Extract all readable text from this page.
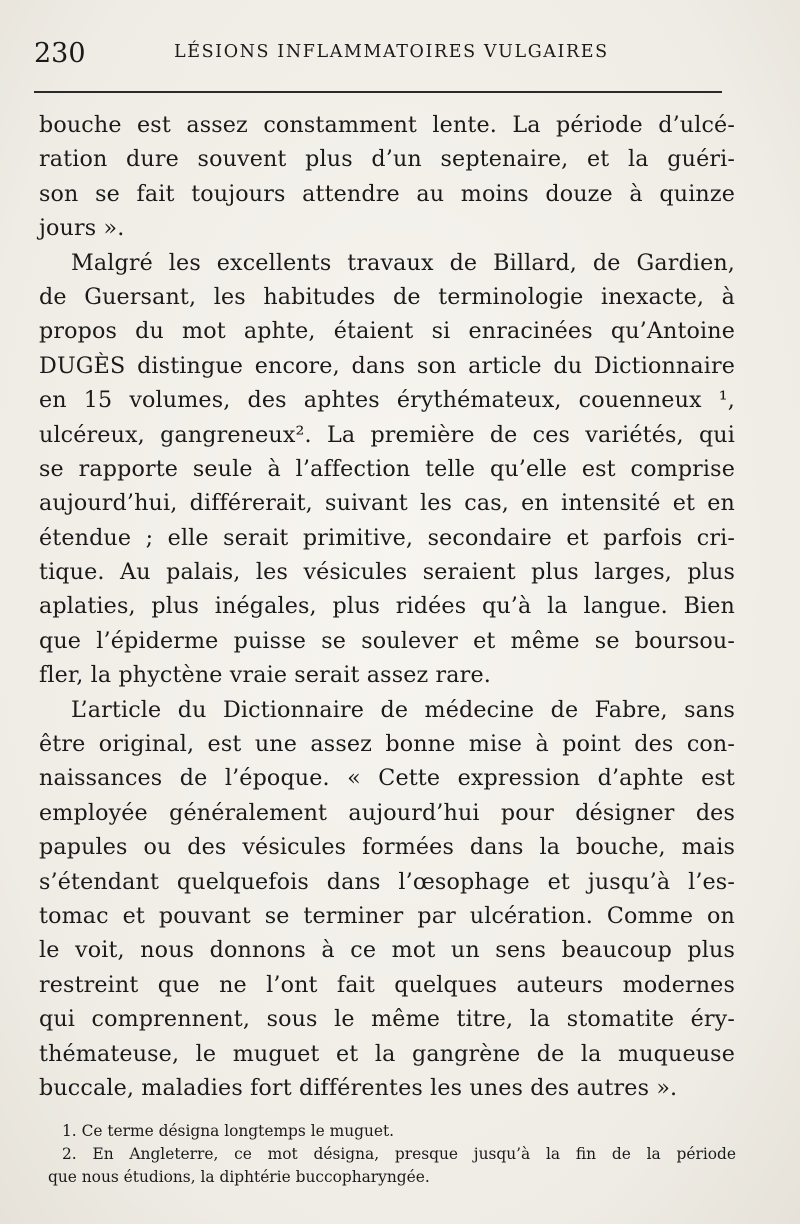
230	LÉSIONS INFLAMMATOIRES VULGAIRES
bouche est assez constamment lente. La période d’ulcé-
ration dure souvent plus d’un septenaire, et la guéri-
son se fait toujours attendre au moins douze à quinze
jours ».
Malgré les excellents travaux de Billard, de Gardien,
de Guersant, les habitudes de terminologie inexacte, à
propos du mot aphte, étaient si enracinées qu’Antoine
DUGÈS distingue encore, dans son article du Dictionnaire
en 15 volumes, des aphtes érythémateux, couenneux ¹,
ulcéreux, gangreneux². La première de ces variétés, qui
se rapporte seule à l’affection telle qu’elle est comprise
aujourd’hui, différerait, suivant les cas, en intensité et en
étendue ; elle serait primitive, secondaire et parfois cri-
tique. Au palais, les vésicules seraient plus larges, plus
aplaties, plus inégales, plus ridées qu’à la langue. Bien
que l’épiderme puisse se soulever et même se boursou-
fler, la phyctène vraie serait assez rare.
L’article du Dictionnaire de médecine de Fabre, sans
être original, est une assez bonne mise à point des con-
naissances de l’époque. « Cette expression d’aphte est
employée généralement aujourd’hui pour désigner des
papules ou des vésicules formées dans la bouche, mais
s’étendant quelquefois dans l’œsophage et jusqu’à l’es-
tomac et pouvant se terminer par ulcération. Comme on
le voit, nous donnons à ce mot un sens beaucoup plus
restreint que ne l’ont fait quelques auteurs modernes
qui comprennent, sous le même titre, la stomatite éry-
thémateuse, le muguet et la gangrène de la muqueuse
buccale, maladies fort différentes les unes des autres ».
1. Ce terme désigna longtemps le muguet.
2. En Angleterre, ce mot désigna, presque jusqu’à la fin de la période
que nous étudions, la diphtérie buccopharyngée.
